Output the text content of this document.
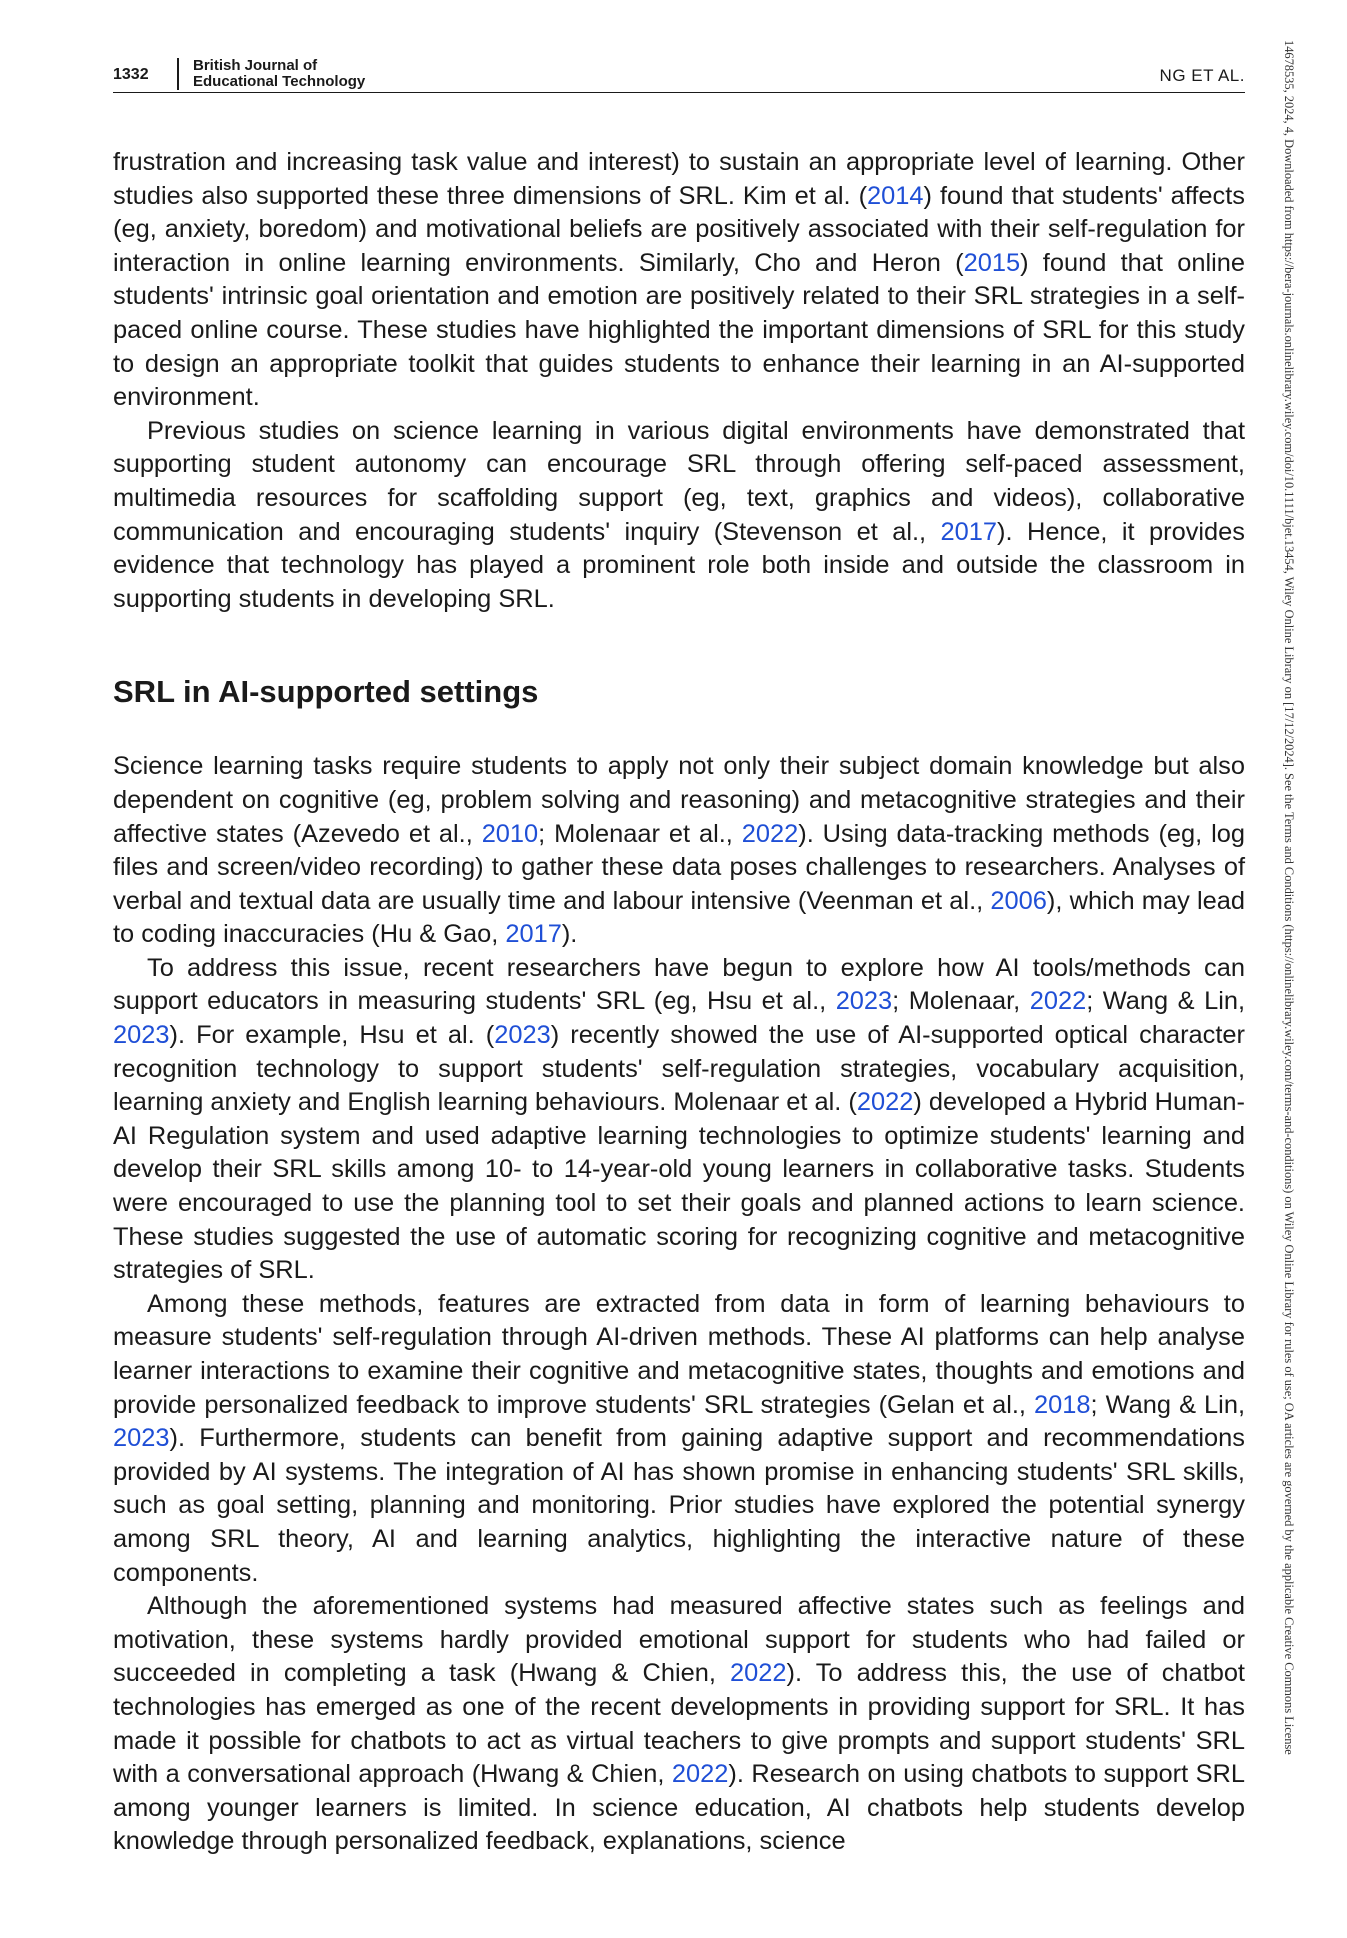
1332
British Journal of
Educational Technology	NG ET AL.

frustration and increasing task value and interest) to sustain an appropriate level of learning. Other studies also supported these three dimensions of SRL. Kim et al. (2014) found that students' affects (eg, anxiety, boredom) and motivational beliefs are positively associated with their self-regulation for interaction in online learning environments. Similarly, Cho and Heron (2015) found that online students' intrinsic goal orientation and emotion are positively related to their SRL strategies in a self-paced online course. These studies have highlighted the important dimensions of SRL for this study to design an appropriate toolkit that guides students to enhance their learning in an AI-supported environment.

Previous studies on science learning in various digital environments have demonstrated that supporting student autonomy can encourage SRL through offering self-paced assessment, multimedia resources for scaffolding support (eg, text, graphics and videos), collaborative communication and encouraging students' inquiry (Stevenson et al., 2017). Hence, it provides evidence that technology has played a prominent role both inside and outside the classroom in supporting students in developing SRL.

SRL in AI-supported settings

Science learning tasks require students to apply not only their subject domain knowledge but also dependent on cognitive (eg, problem solving and reasoning) and metacognitive strategies and their affective states (Azevedo et al., 2010; Molenaar et al., 2022). Using data-tracking methods (eg, log files and screen/video recording) to gather these data poses challenges to researchers. Analyses of verbal and textual data are usually time and labour intensive (Veenman et al., 2006), which may lead to coding inaccuracies (Hu & Gao, 2017).

To address this issue, recent researchers have begun to explore how AI tools/methods can support educators in measuring students' SRL (eg, Hsu et al., 2023; Molenaar, 2022; Wang & Lin, 2023). For example, Hsu et al. (2023) recently showed the use of AI-supported optical character recognition technology to support students' self-regulation strategies, vocabulary acquisition, learning anxiety and English learning behaviours. Molenaar et al. (2022) developed a Hybrid Human-AI Regulation system and used adaptive learning technologies to optimize students' learning and develop their SRL skills among 10- to 14-year-old young learners in collaborative tasks. Students were encouraged to use the planning tool to set their goals and planned actions to learn science. These studies suggested the use of automatic scoring for recognizing cognitive and metacognitive strategies of SRL.

Among these methods, features are extracted from data in form of learning behaviours to measure students' self-regulation through AI-driven methods. These AI platforms can help analyse learner interactions to examine their cognitive and metacognitive states, thoughts and emotions and provide personalized feedback to improve students' SRL strategies (Gelan et al., 2018; Wang & Lin, 2023). Furthermore, students can benefit from gaining adaptive support and recommendations provided by AI systems. The integration of AI has shown promise in enhancing students' SRL skills, such as goal setting, planning and monitoring. Prior studies have explored the potential synergy among SRL theory, AI and learning analytics, highlighting the interactive nature of these components.

Although the aforementioned systems had measured affective states such as feelings and motivation, these systems hardly provided emotional support for students who had failed or succeeded in completing a task (Hwang & Chien, 2022). To address this, the use of chatbot technologies has emerged as one of the recent developments in providing support for SRL. It has made it possible for chatbots to act as virtual teachers to give prompts and support students' SRL with a conversational approach (Hwang & Chien, 2022). Research on using chatbots to support SRL among younger learners is limited. In science education, AI chatbots help students develop knowledge through personalized feedback, explanations, science

14678535, 2024, 4, Downloaded from https://bera-journals.onlinelibrary.wiley.com/doi/10.1111/bjet.13454, Wiley Online Library on [17/12/2024]. See the Terms and Conditions (https://onlinelibrary.wiley.com/terms-and-conditions) on Wiley Online Library for rules of use; OA articles are governed by the applicable Creative Commons License
